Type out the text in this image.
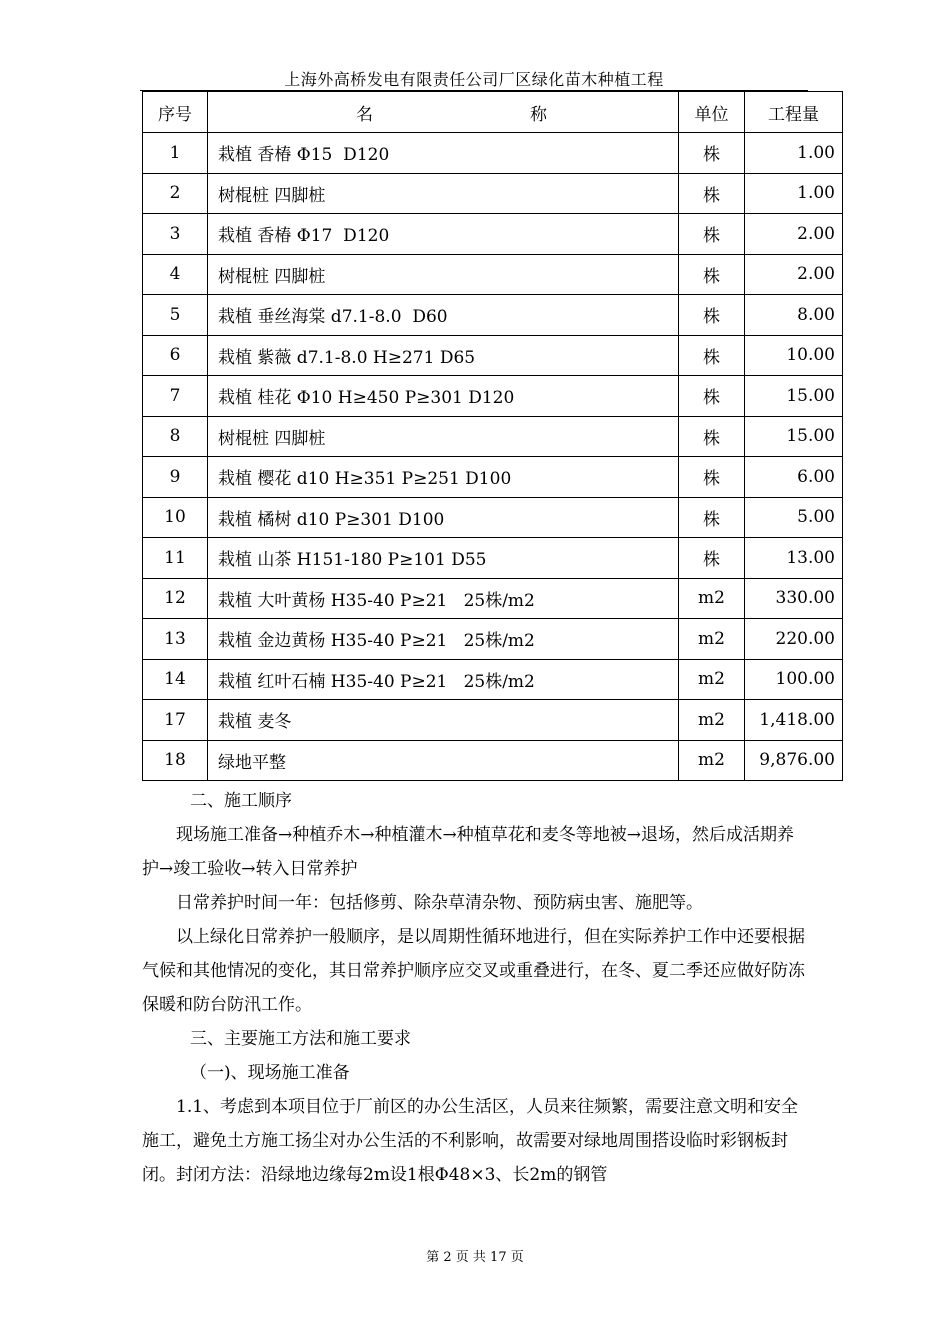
上海外高桥发电有限责任公司厂区绿化苗木种植工程
序号	名 称	单位	工程量
1	栽植 香椿 Φ15  D120	株	1.00
2	树棍桩 四脚桩	株	1.00
3	栽植 香椿 Φ17  D120	株	2.00
4	树棍桩 四脚桩	株	2.00
5	栽植 垂丝海棠 d7.1-8.0  D60	株	8.00
6	栽植 紫薇 d7.1-8.0 H≥271 D65	株	10.00
7	栽植 桂花 Φ10 H≥450 P≥301 D120	株	15.00
8	树棍桩 四脚桩	株	15.00
9	栽植 樱花 d10 H≥351 P≥251 D100	株	6.00
10	栽植 橘树 d10 P≥301 D100	株	5.00
11	栽植 山茶 H151-180 P≥101 D55	株	13.00
12	栽植 大叶黄杨 H35-40 P≥21   25株/m2	m2	330.00
13	栽植 金边黄杨 H35-40 P≥21   25株/m2	m2	220.00
14	栽植 红叶石楠 H35-40 P≥21   25株/m2	m2	100.00
17	栽植 麦冬	m2	1,418.00
18	绿地平整	m2	9,876.00

二、施工顺序

现场施工准备→种植乔木→种植灌木→种植草花和麦冬等地被→退场，然后成活期养护→竣工验收→转入日常养护

日常养护时间一年：包括修剪、除杂草清杂物、预防病虫害、施肥等。

以上绿化日常养护一般顺序，是以周期性循环地进行，但在实际养护工作中还要根据气候和其他情况的变化，其日常养护顺序应交叉或重叠进行，在冬、夏二季还应做好防冻保暖和防台防汛工作。

三、主要施工方法和施工要求

（一)、现场施工准备

1.1、考虑到本项目位于厂前区的办公生活区，人员来往频繁，需要注意文明和安全施工，避免土方施工扬尘对办公生活的不利影响，故需要对绿地周围搭设临时彩钢板封闭。封闭方法：沿绿地边缘每2m设1根Φ48×3、长2m的钢管

第 2 页 共 17 页
